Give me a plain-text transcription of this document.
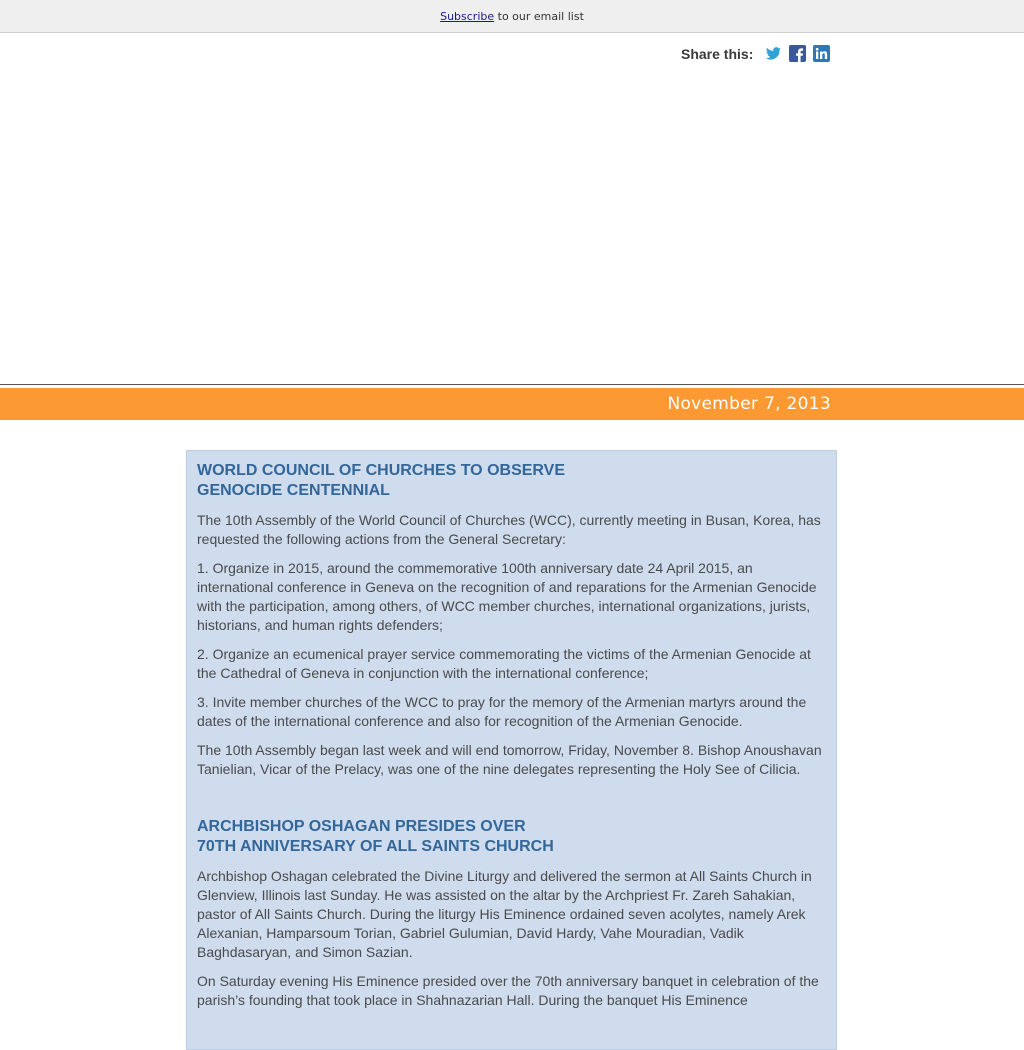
Subscribe to our email list
Share this:
November 7, 2013
WORLD COUNCIL OF CHURCHES TO OBSERVE
GENOCIDE CENTENNIAL

The 10th Assembly of the World Council of Churches (WCC), currently meeting in Busan, Korea, has requested the following actions from the General Secretary:

1. Organize in 2015, around the commemorative 100th anniversary date 24 April 2015, an international conference in Geneva on the recognition of and reparations for the Armenian Genocide with the participation, among others, of WCC member churches, international organizations, jurists, historians, and human rights defenders;

2. Organize an ecumenical prayer service commemorating the victims of the Armenian Genocide at the Cathedral of Geneva in conjunction with the international conference;

3. Invite member churches of the WCC to pray for the memory of the Armenian martyrs around the dates of the international conference and also for recognition of the Armenian Genocide.

The 10th Assembly began last week and will end tomorrow, Friday, November 8. Bishop Anoushavan Tanielian, Vicar of the Prelacy, was one of the nine delegates representing the Holy See of Cilicia.

ARCHBISHOP OSHAGAN PRESIDES OVER
70TH ANNIVERSARY OF ALL SAINTS CHURCH

Archbishop Oshagan celebrated the Divine Liturgy and delivered the sermon at All Saints Church in Glenview, Illinois last Sunday. He was assisted on the altar by the Archpriest Fr. Zareh Sahakian, pastor of All Saints Church. During the liturgy His Eminence ordained seven acolytes, namely Arek Alexanian, Hamparsoum Torian, Gabriel Gulumian, David Hardy, Vahe Mouradian, Vadik Baghdasaryan, and Simon Sazian.

On Saturday evening His Eminence presided over the 70th anniversary banquet in celebration of the parish’s founding that took place in Shahnazarian Hall. During the banquet His Eminence
